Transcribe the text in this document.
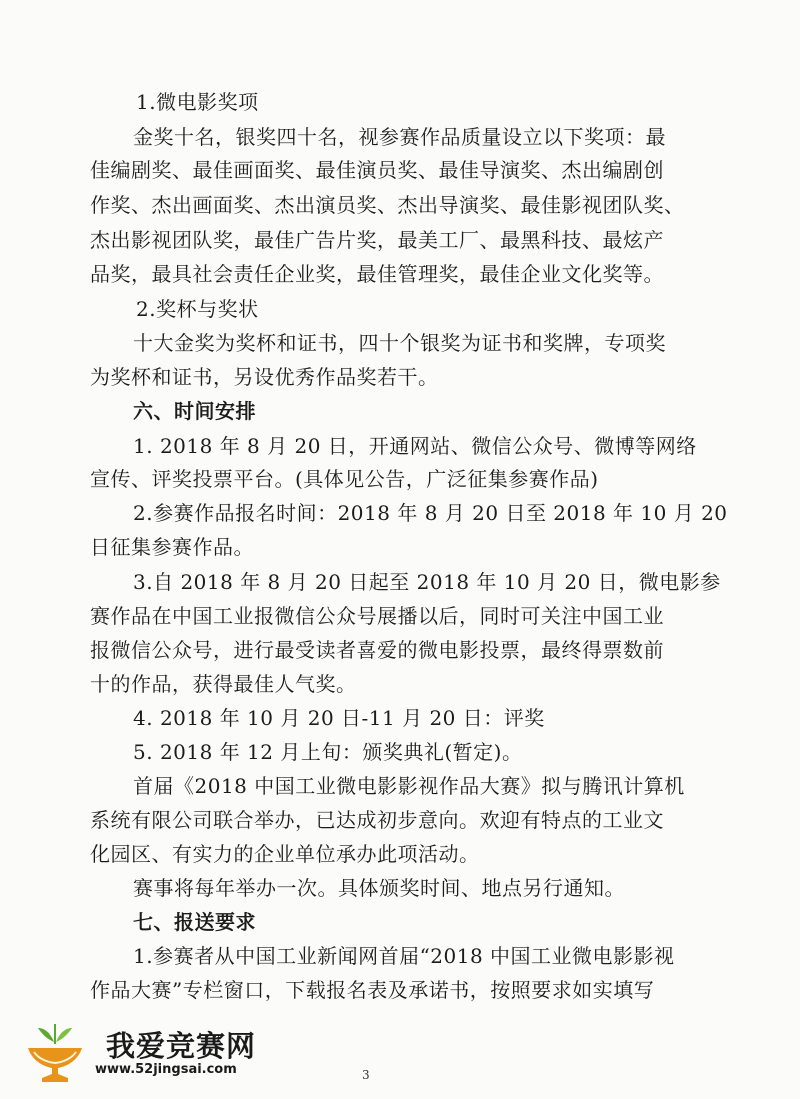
1.微电影奖项
金奖十名，银奖四十名，视参赛作品质量设立以下奖项：最
佳编剧奖、最佳画面奖、最佳演员奖、最佳导演奖、杰出编剧创
作奖、杰出画面奖、杰出演员奖、杰出导演奖、最佳影视团队奖、
杰出影视团队奖，最佳广告片奖，最美工厂、最黑科技、最炫产
品奖，最具社会责任企业奖，最佳管理奖，最佳企业文化奖等。
2.奖杯与奖状
十大金奖为奖杯和证书，四十个银奖为证书和奖牌，专项奖
为奖杯和证书，另设优秀作品奖若干。
六、时间安排
1. 2018 年 8 月 20 日，开通网站、微信公众号、微博等网络
宣传、评奖投票平台。(具体见公告，广泛征集参赛作品)
2.参赛作品报名时间：2018 年 8 月 20 日至 2018 年 10 月 20
日征集参赛作品。
3.自 2018 年 8 月 20 日起至 2018 年 10 月 20 日，微电影参
赛作品在中国工业报微信公众号展播以后，同时可关注中国工业
报微信公众号，进行最受读者喜爱的微电影投票，最终得票数前
十的作品，获得最佳人气奖。
4. 2018 年 10 月 20 日-11 月 20 日：评奖
5. 2018 年 12 月上旬：颁奖典礼(暂定)。
首届《2018 中国工业微电影影视作品大赛》拟与腾讯计算机
系统有限公司联合举办，已达成初步意向。欢迎有特点的工业文
化园区、有实力的企业单位承办此项活动。
赛事将每年举办一次。具体颁奖时间、地点另行通知。
七、报送要求
1.参赛者从中国工业新闻网首届“2018 中国工业微电影影视
作品大赛”专栏窗口，下载报名表及承诺书，按照要求如实填写
我爱竞赛网
www.52jingsai.com	3
